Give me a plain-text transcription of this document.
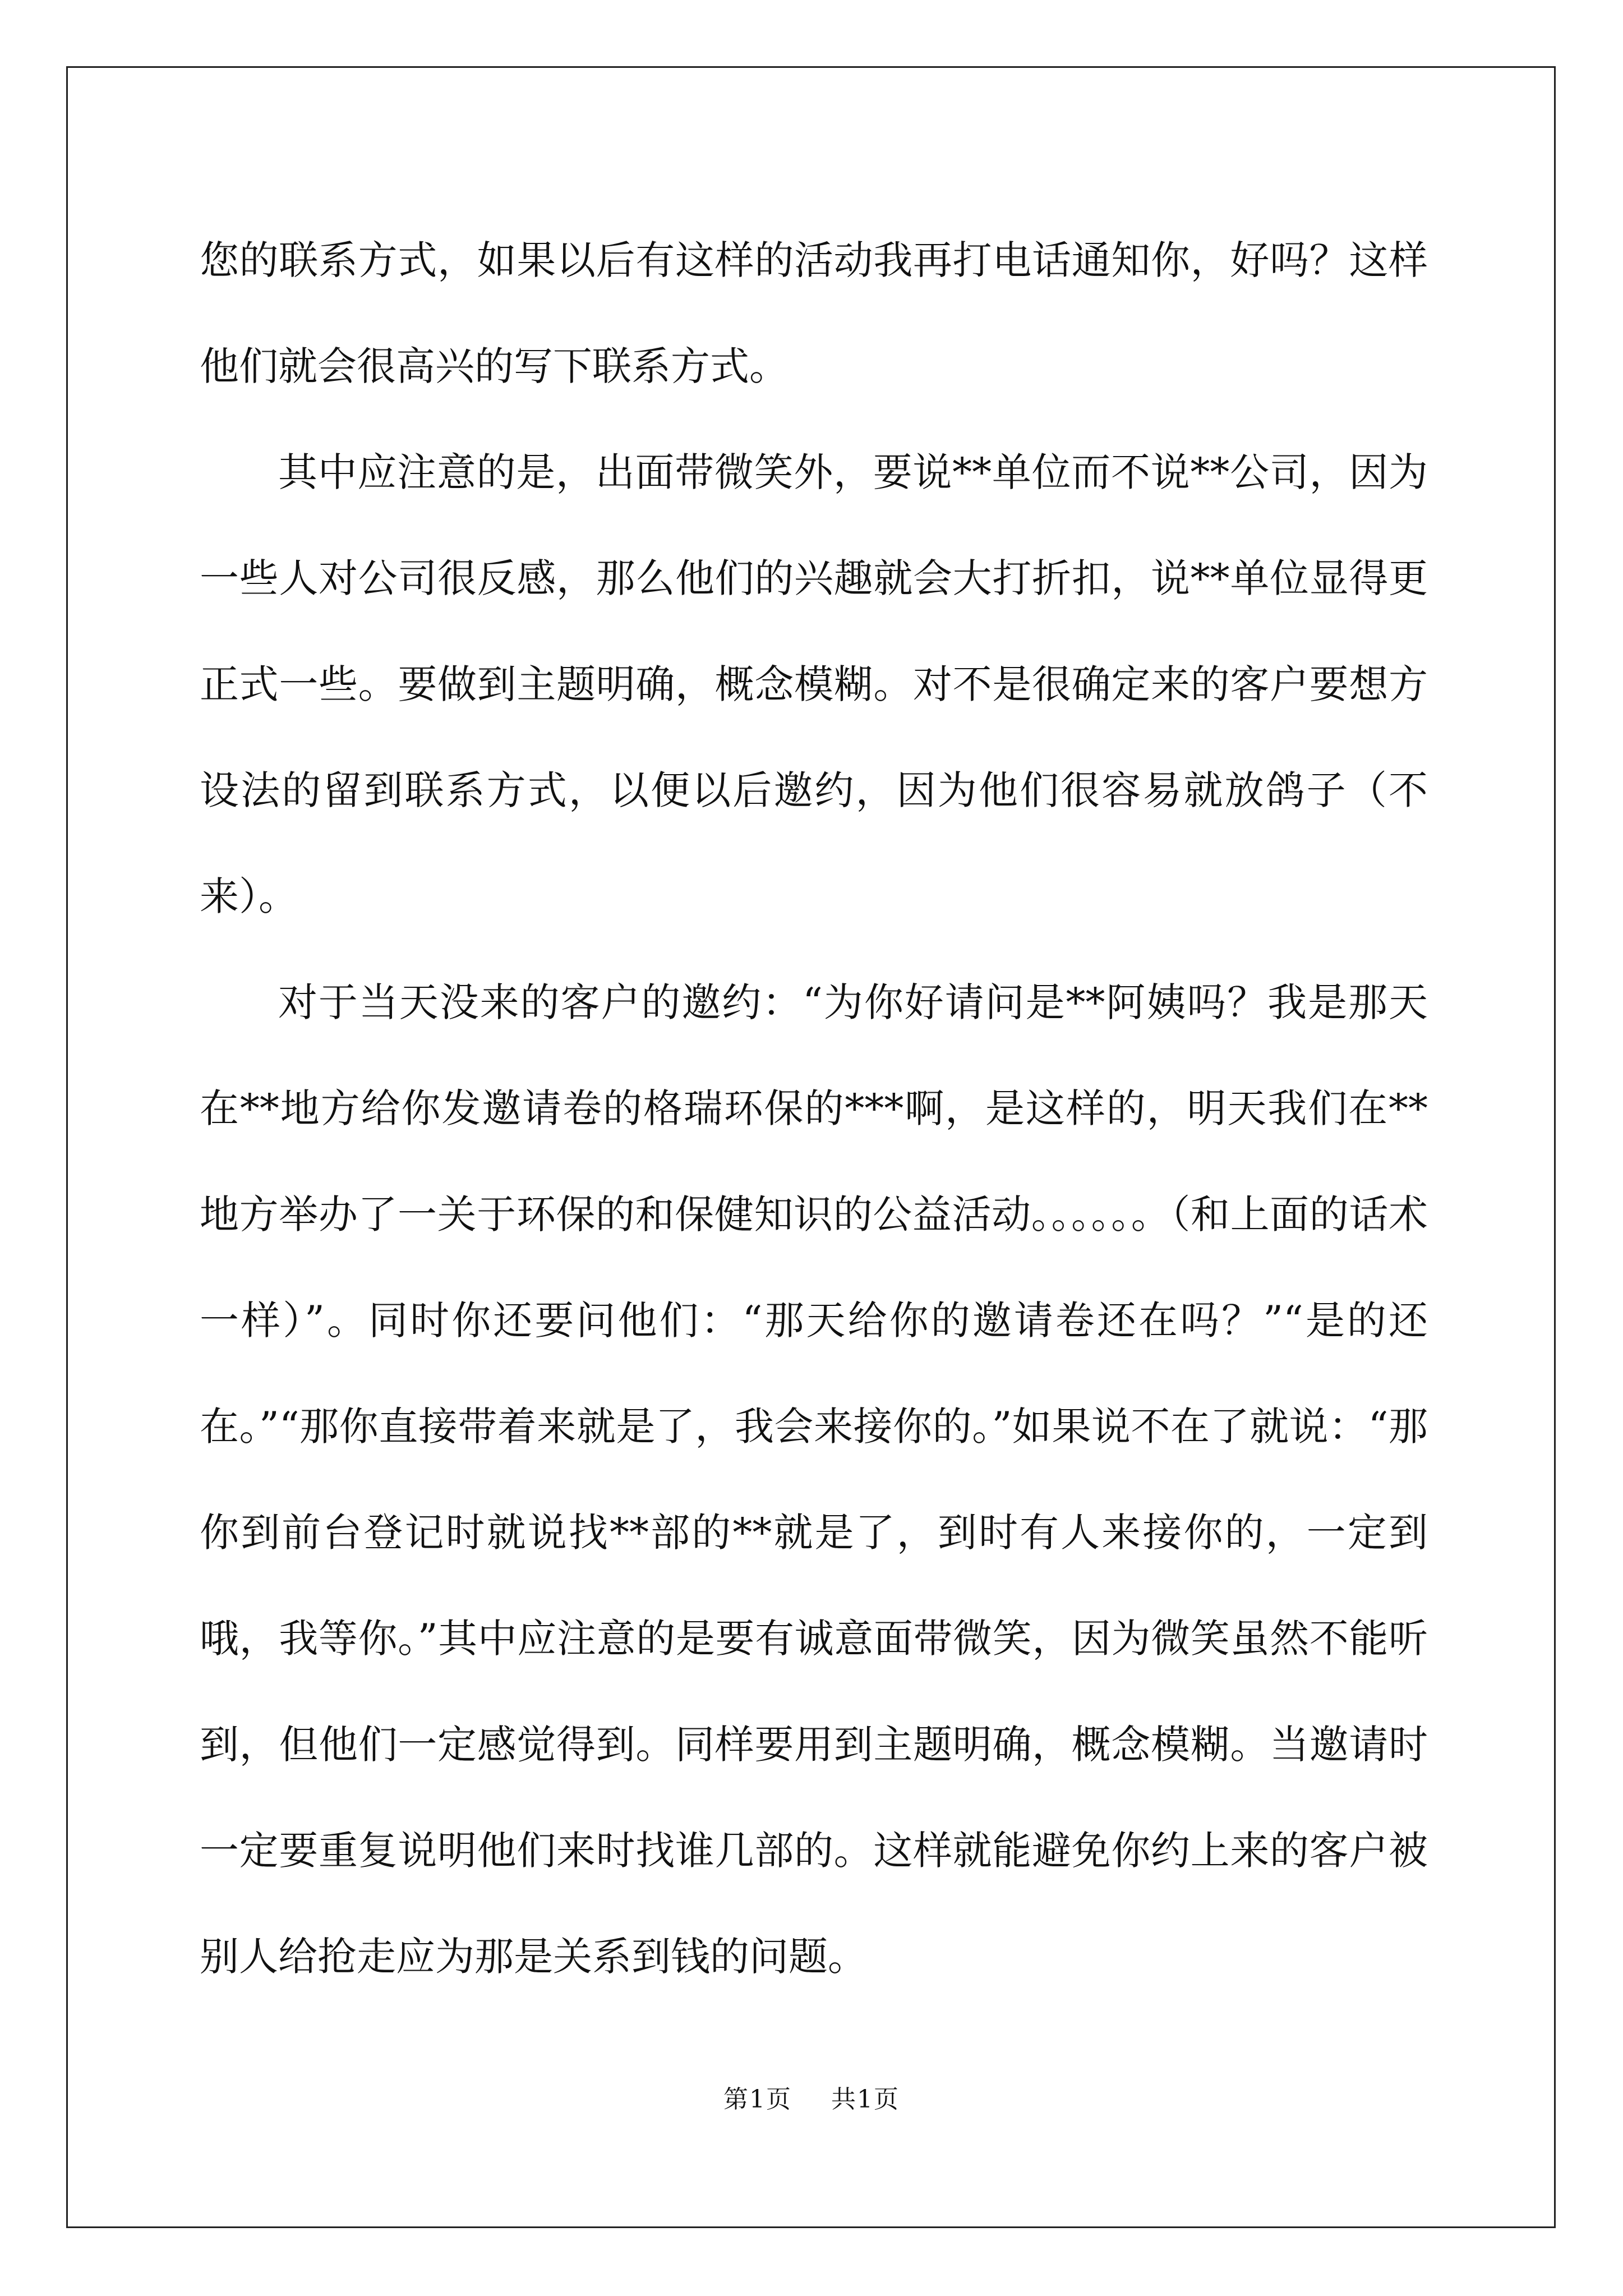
您的联系方式，如果以后有这样的活动我再打电话通知你，好吗？这样他们就会很高兴的写下联系方式。

其中应注意的是，出面带微笑外，要说**单位而不说**公司，因为一些人对公司很反感，那么他们的兴趣就会大打折扣，说**单位显得更正式一些。要做到主题明确，概念模糊。对不是很确定来的客户要想方设法的留到联系方式，以便以后邀约，因为他们很容易就放鸽子（不来）。

对于当天没来的客户的邀约：“为你好请问是**阿姨吗？我是那天在**地方给你发邀请卷的格瑞环保的***啊，是这样的，明天我们在**地方举办了一关于环保的和保健知识的公益活动。。。。。。（和上面的话术一样）”。同时你还要问他们：“那天给你的邀请卷还在吗？”“是的还在。”“那你直接带着来就是了，我会来接你的。”如果说不在了就说：“那你到前台登记时就说找**部的**就是了，到时有人来接你的，一定到哦，我等你。”其中应注意的是要有诚意面带微笑，因为微笑虽然不能听到，但他们一定感觉得到。同样要用到主题明确，概念模糊。当邀请时一定要重复说明他们来时找谁几部的。这样就能避免你约上来的客户被别人给抢走应为那是关系到钱的问题。

第1页 共1页
